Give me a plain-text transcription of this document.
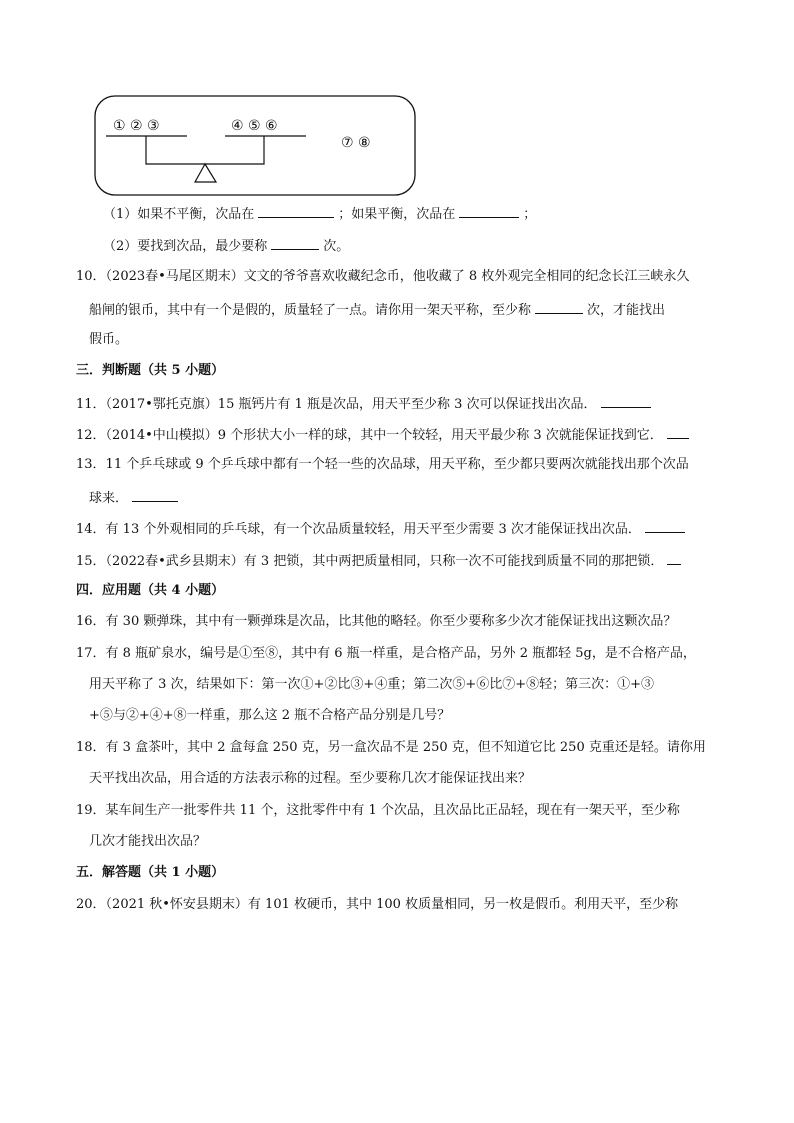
① ② ③	④ ⑤ ⑥
⑦ ⑧
（1）如果不平衡，次品在	；如果平衡，次品在	；
（2）要找到次品，最少要称	次。
10．（2023春•马尾区期末）文文的爷爷喜欢收藏纪念币，他收藏了 8 枚外观完全相同的纪念长江三峡永久
船闸的银币，其中有一个是假的，质量轻了一点。请你用一架天平称，至少称	次，才能找出
假币。
三．判断题（共 5 小题）
11．（2017•鄂托克旗）15 瓶钙片有 1 瓶是次品，用天平至少称 3 次可以保证找出次品．
12．（2014•中山模拟）9 个形状大小一样的球，其中一个较轻，用天平最少称 3 次就能保证找到它．
13．11 个乒乓球或 9 个乒乓球中都有一个轻一些的次品球，用天平称，至少都只要两次就能找出那个次品
球来．
14．有 13 个外观相同的乒乓球，有一个次品质量较轻，用天平至少需要 3 次才能保证找出次品．
15．（2022春•武乡县期末）有 3 把锁，其中两把质量相同，只称一次不可能找到质量不同的那把锁．
四．应用题（共 4 小题）
16．有 30 颗弹珠，其中有一颗弹珠是次品，比其他的略轻。你至少要称多少次才能保证找出这颗次品？
17．有 8 瓶矿泉水，编号是①至⑧，其中有 6 瓶一样重，是合格产品，另外 2 瓶都轻 5g，是不合格产品，
用天平称了 3 次，结果如下：第一次①+②比③+④重；第二次⑤+⑥比⑦+⑧轻；第三次：①+③
+⑤与②+④+⑧一样重，那么这 2 瓶不合格产品分别是几号？
18．有 3 盒茶叶，其中 2 盒每盒 250 克，另一盒次品不是 250 克，但不知道它比 250 克重还是轻。请你用
天平找出次品，用合适的方法表示称的过程。至少要称几次才能保证找出来？
19．某车间生产一批零件共 11 个，这批零件中有 1 个次品，且次品比正品轻，现在有一架天平，至少称
几次才能找出次品？
五．解答题（共 1 小题）
20．（2021 秋•怀安县期末）有 101 枚硬币，其中 100 枚质量相同，另一枚是假币。利用天平，至少称
